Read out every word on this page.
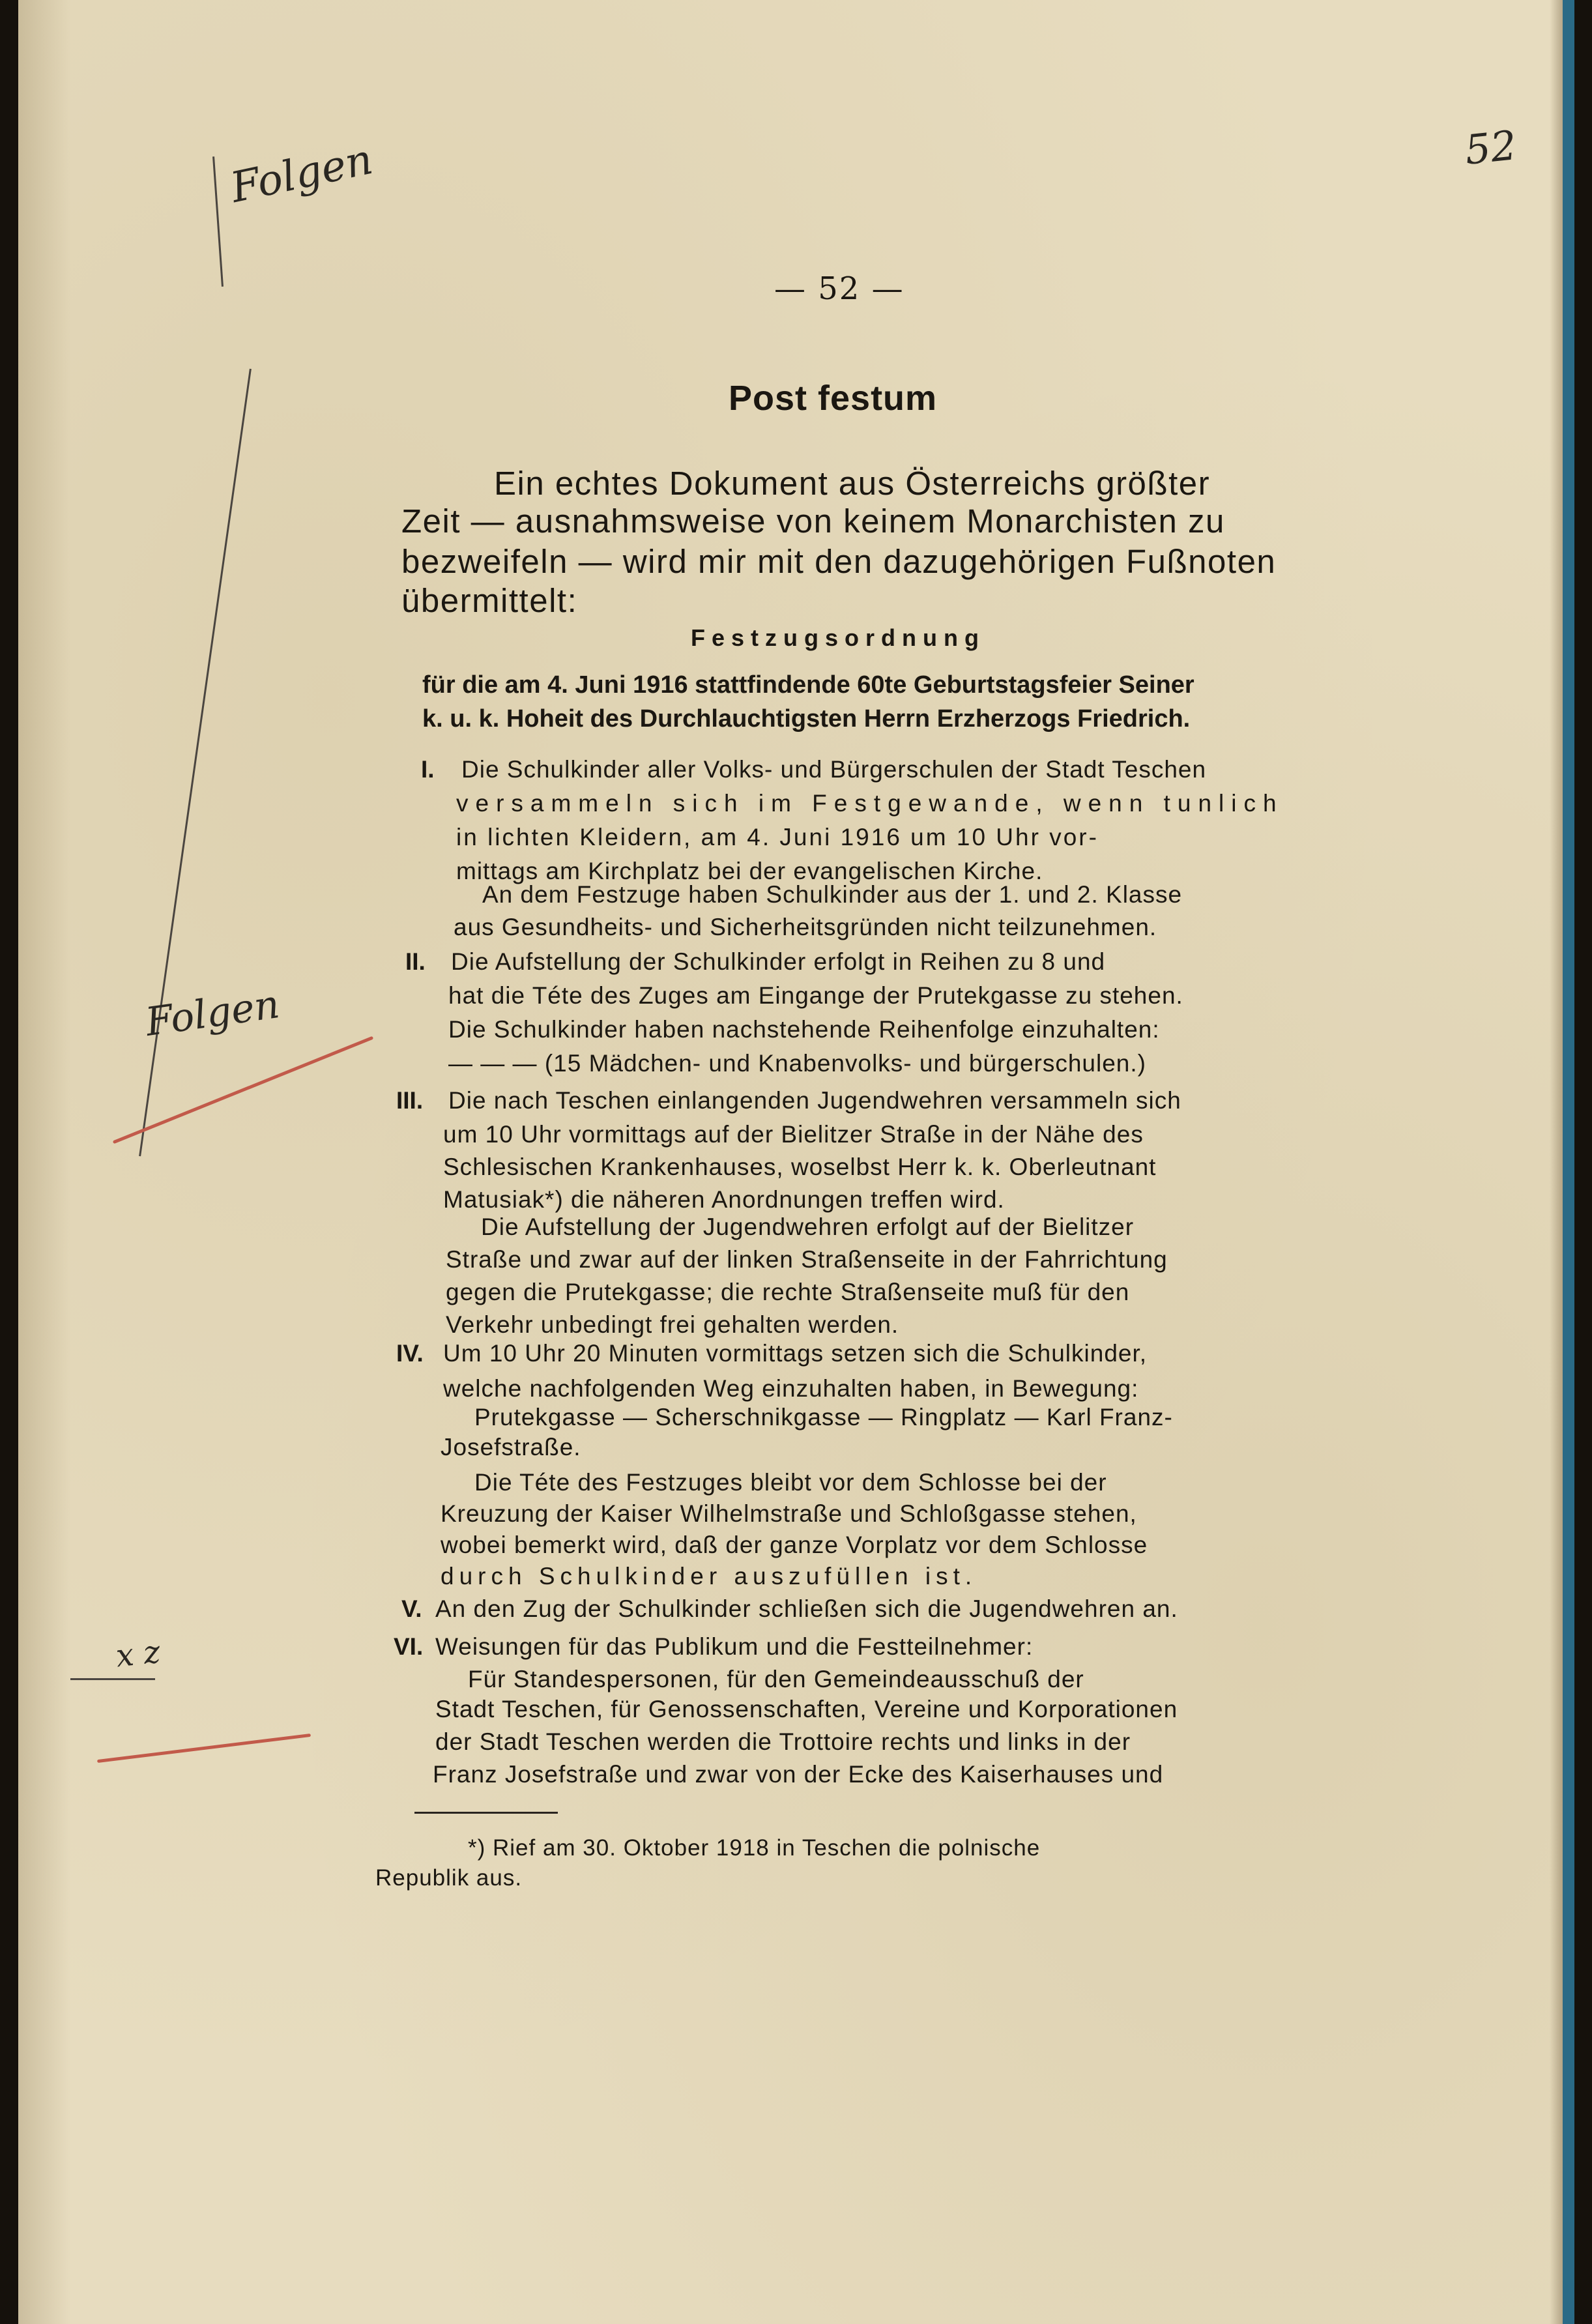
52
Folgen
Folgen
x z
— 52 —
Post festum
Ein echtes Dokument aus Österreichs größter
Zeit — ausnahmsweise von keinem Monarchisten zu
bezweifeln — wird mir mit den dazugehörigen Fußnoten
übermittelt:
Festzugsordnung
für die am 4. Juni 1916 stattfindende 60te Geburtstagsfeier Seiner
k. u. k. Hoheit des Durchlauchtigsten Herrn Erzherzogs Friedrich.
I.
II.
III.
IV.
V.
VI.
Die Schulkinder aller Volks- und Bürgerschulen der Stadt Teschen
versammeln sich im Festgewande, wenn tunlich
in lichten Kleidern, am 4. Juni 1916 um 10 Uhr vor-
mittags am Kirchplatz bei der evangelischen Kirche.
An dem Festzuge haben Schulkinder aus der 1. und 2. Klasse
aus Gesundheits- und Sicherheitsgründen nicht teilzunehmen.
Die Aufstellung der Schulkinder erfolgt in Reihen zu 8 und
hat die Téte des Zuges am Eingange der Prutekgasse zu stehen.
Die Schulkinder haben nachstehende Reihenfolge einzuhalten:
— — — (15 Mädchen- und Knabenvolks- und bürgerschulen.)
Die nach Teschen einlangenden Jugendwehren versammeln sich
um 10 Uhr vormittags auf der Bielitzer Straße in der Nähe des
Schlesischen Krankenhauses, woselbst Herr k. k. Oberleutnant
Matusiak*) die näheren Anordnungen treffen wird.
Die Aufstellung der Jugendwehren erfolgt auf der Bielitzer
Straße und zwar auf der linken Straßenseite in der Fahrrichtung
gegen die Prutekgasse; die rechte Straßenseite muß für den
Verkehr unbedingt frei gehalten werden.
Um 10 Uhr 20 Minuten vormittags setzen sich die Schulkinder,
welche nachfolgenden Weg einzuhalten haben, in Bewegung:
Prutekgasse — Scherschnikgasse — Ringplatz — Karl Franz-
Josefstraße.
Die Téte des Festzuges bleibt vor dem Schlosse bei der
Kreuzung der Kaiser Wilhelmstraße und Schloßgasse stehen,
wobei bemerkt wird, daß der ganze Vorplatz vor dem Schlosse
durch Schulkinder auszufüllen ist.
An den Zug der Schulkinder schließen sich die Jugendwehren an.
Weisungen für das Publikum und die Festteilnehmer:
Für Standespersonen, für den Gemeindeausschuß der
Stadt Teschen, für Genossenschaften, Vereine und Korporationen
der Stadt Teschen werden die Trottoire rechts und links in der
Franz Josefstraße und zwar von der Ecke des Kaiserhauses und
*) Rief am 30. Oktober 1918 in Teschen die polnische
Republik aus.
